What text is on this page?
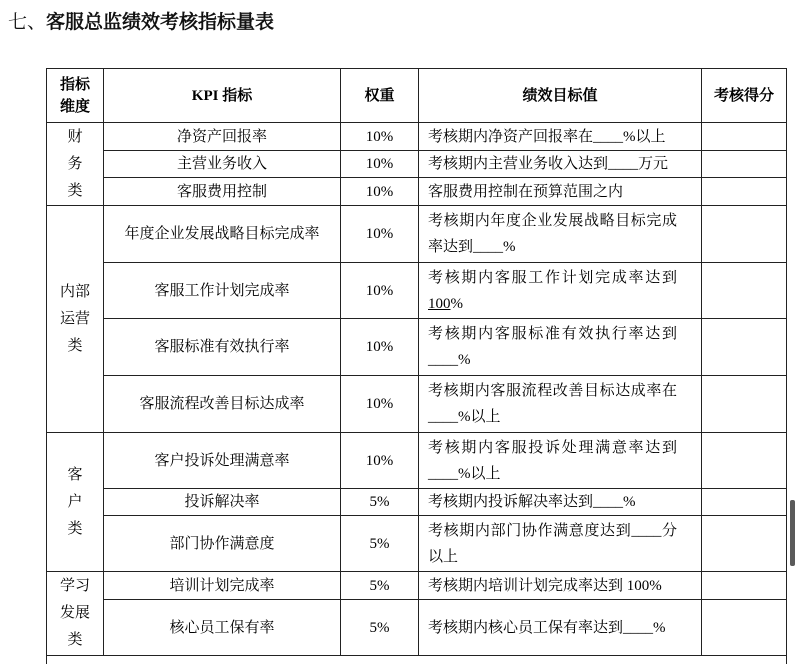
七、客服总监绩效考核指标量表
指标维度	KPI 指标	权重	绩效目标值	考核得分
财务类	净资产回报率	10%	考核期内净资产回报率在____%以上	
	主营业务收入	10%	考核期内主营业务收入达到____万元	
	客服费用控制	10%	客服费用控制在预算范围之内	
内部运营类	年度企业发展战略目标完成率	10%	考核期内年度企业发展战略目标完成率达到____%	
	客服工作计划完成率	10%	考核期内客服工作计划完成率达到100%	
	客服标准有效执行率	10%	考核期内客服标准有效执行率达到____%	
	客服流程改善目标达成率	10%	考核期内客服流程改善目标达成率在____%以上	
客户类	客户投诉处理满意率	10%	考核期内客服投诉处理满意率达到____%以上	
	投诉解决率	5%	考核期内投诉解决率达到____%	
	部门协作满意度	5%	考核期内部门协作满意度达到____分以上	
学习发展类	培训计划完成率	5%	考核期内培训计划完成率达到 100%	
	核心员工保有率	5%	考核期内核心员工保有率达到____%	
